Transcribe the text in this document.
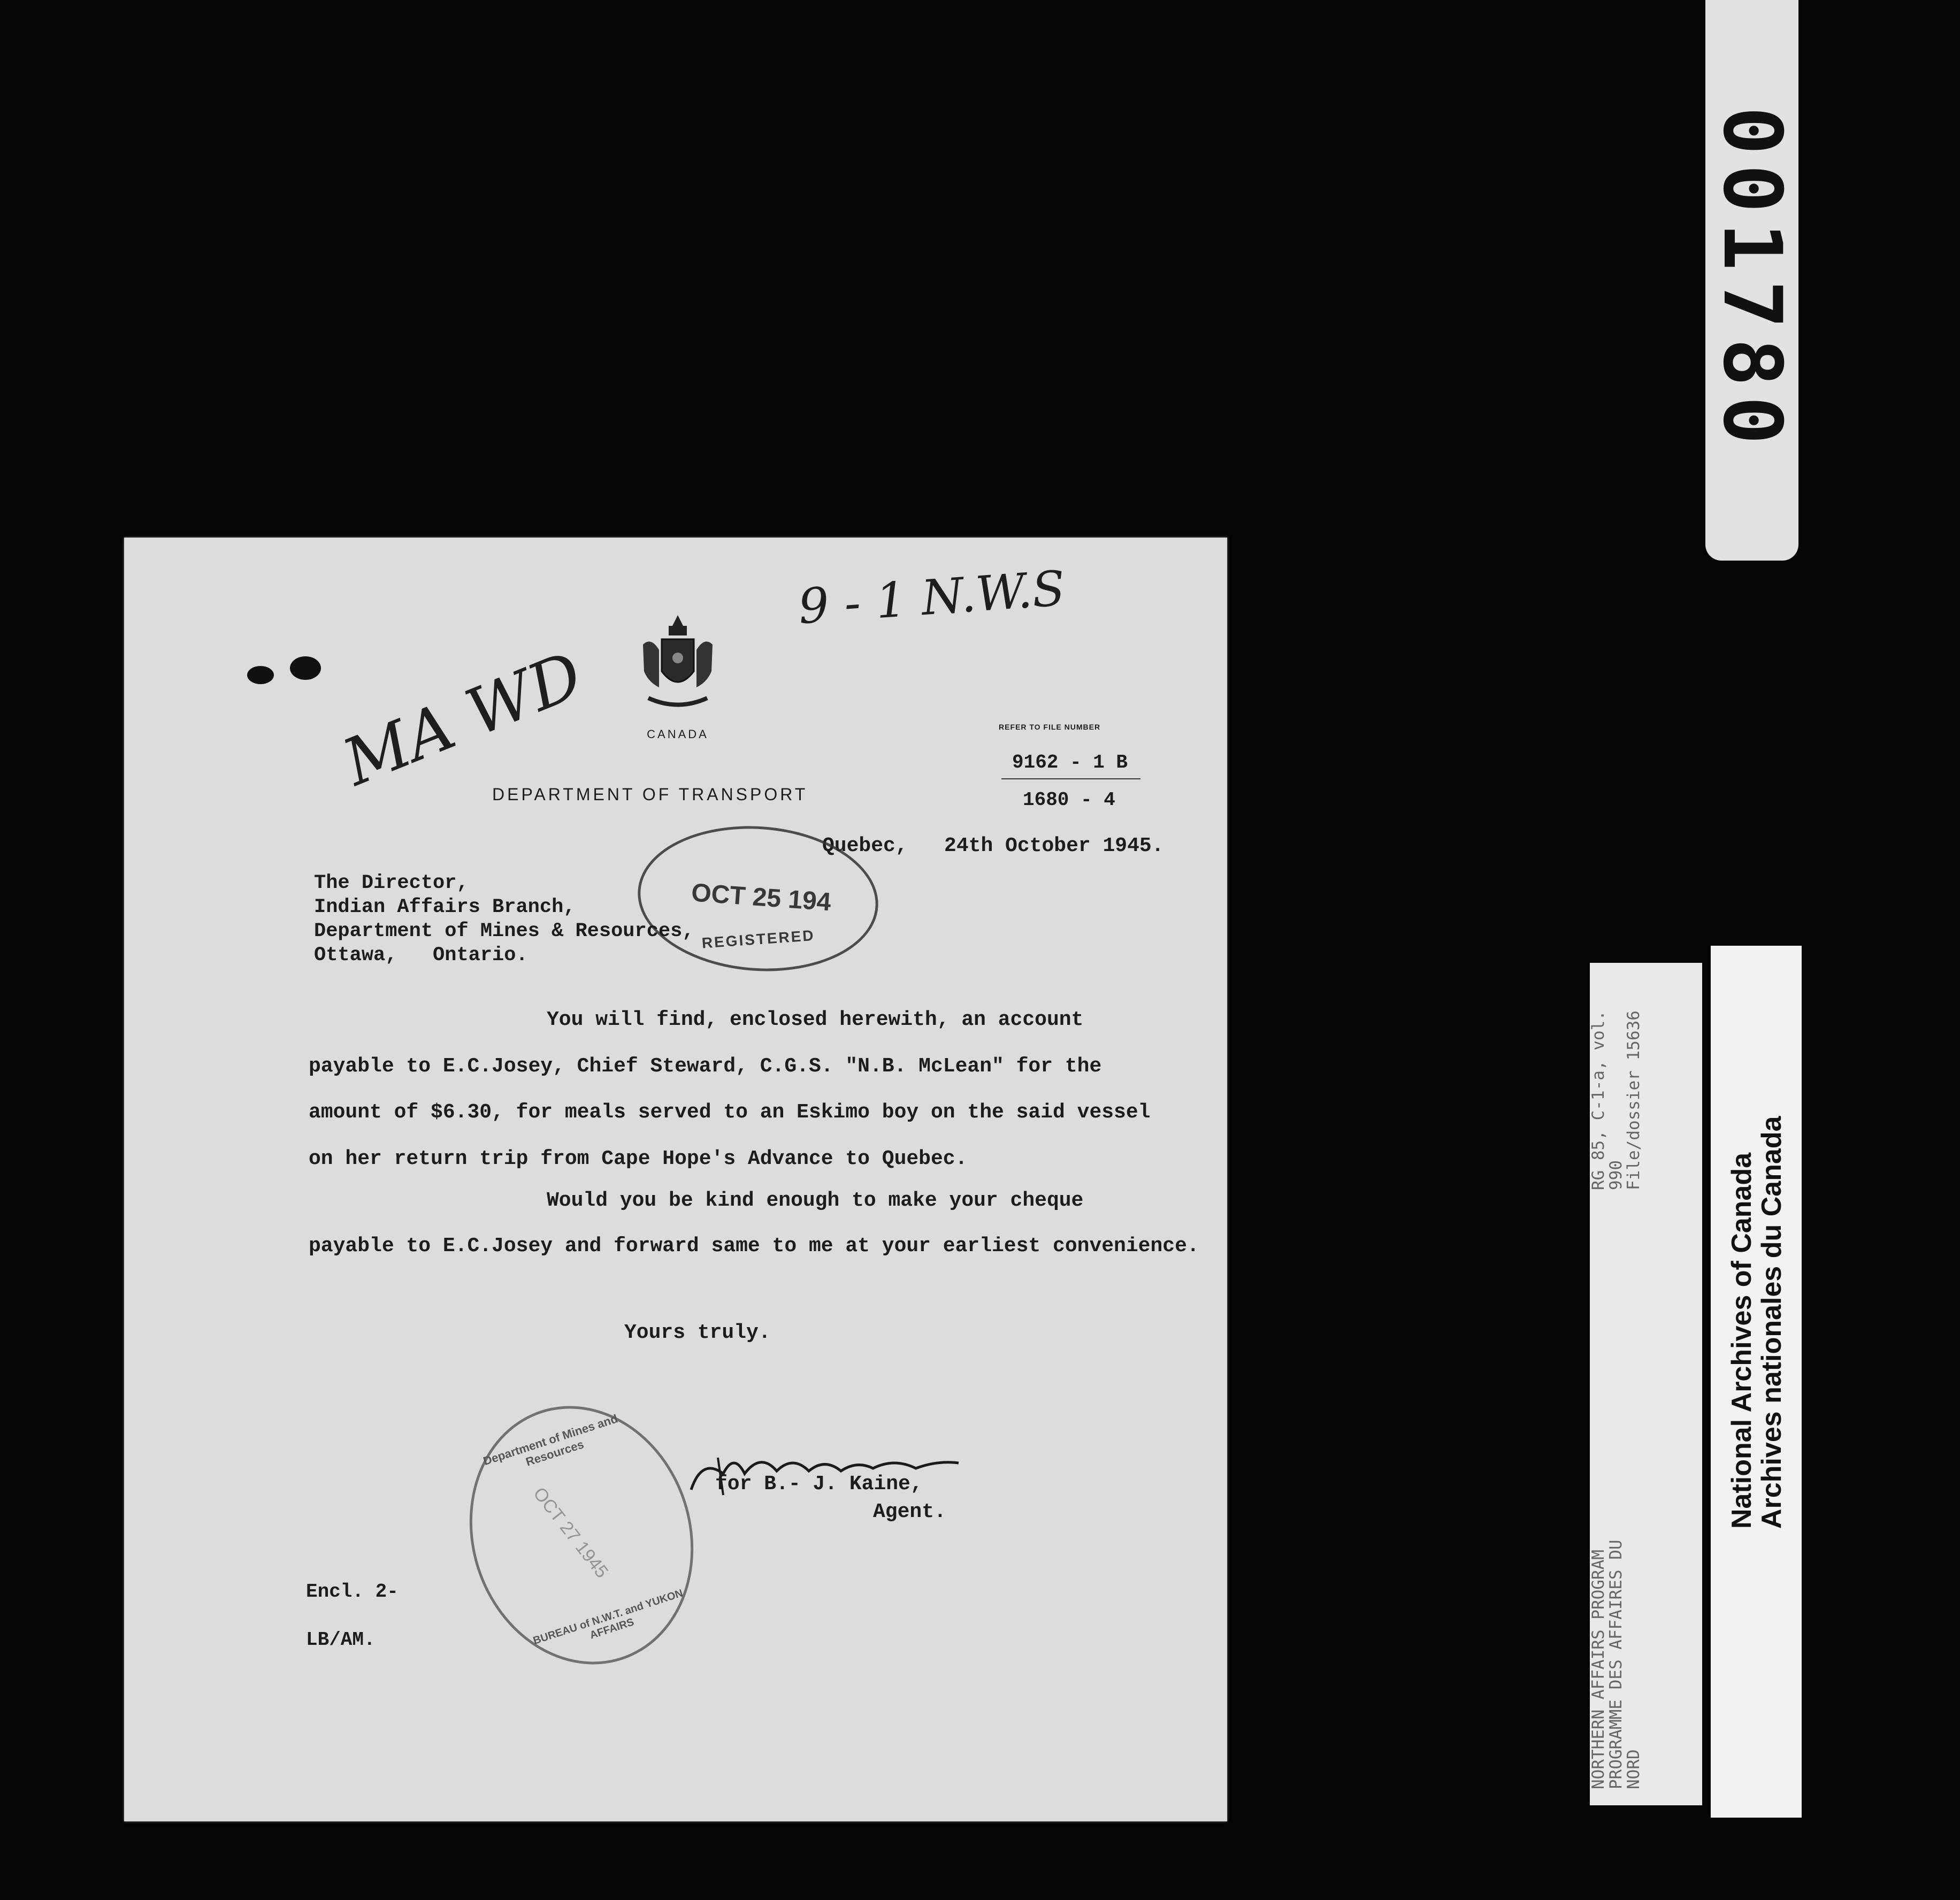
001780
NORTHERN AFFAIRS PROGRAM
PROGRAMME DES AFFAIRES DU
NORD
RG 85, C-1-a, vol. 990
File/dossier 15636
National Archives of Canada
Archives nationales du Canada
9 - 1 N.W.S
MA WD	CANADA
REFER TO FILE NUMBER
9162 - 1 B
1680 - 4
DEPARTMENT OF TRANSPORT
Quebec,   24th October 1945.
OCT 25 194
REGISTERED
The Director,
Indian Affairs Branch,
Department of Mines & Resources,
Ottawa,   Ontario.
You will find, enclosed herewith, an account
payable to E.C.Josey, Chief Steward, C.G.S. "N.B. McLean" for the
amount of $6.30, for meals served to an Eskimo boy on the said vessel
on her return trip from Cape Hope's Advance to Quebec.
Would you be kind enough to make your cheque
payable to E.C.Josey and forward same to me at your earliest convenience.
Yours truly.
Department of Mines and Resources
OCT 27 1945
BUREAU of N.W.T. and YUKON AFFAIRS
for B.- J. Kaine,
Agent.
Encl. 2-
LB/AM.
